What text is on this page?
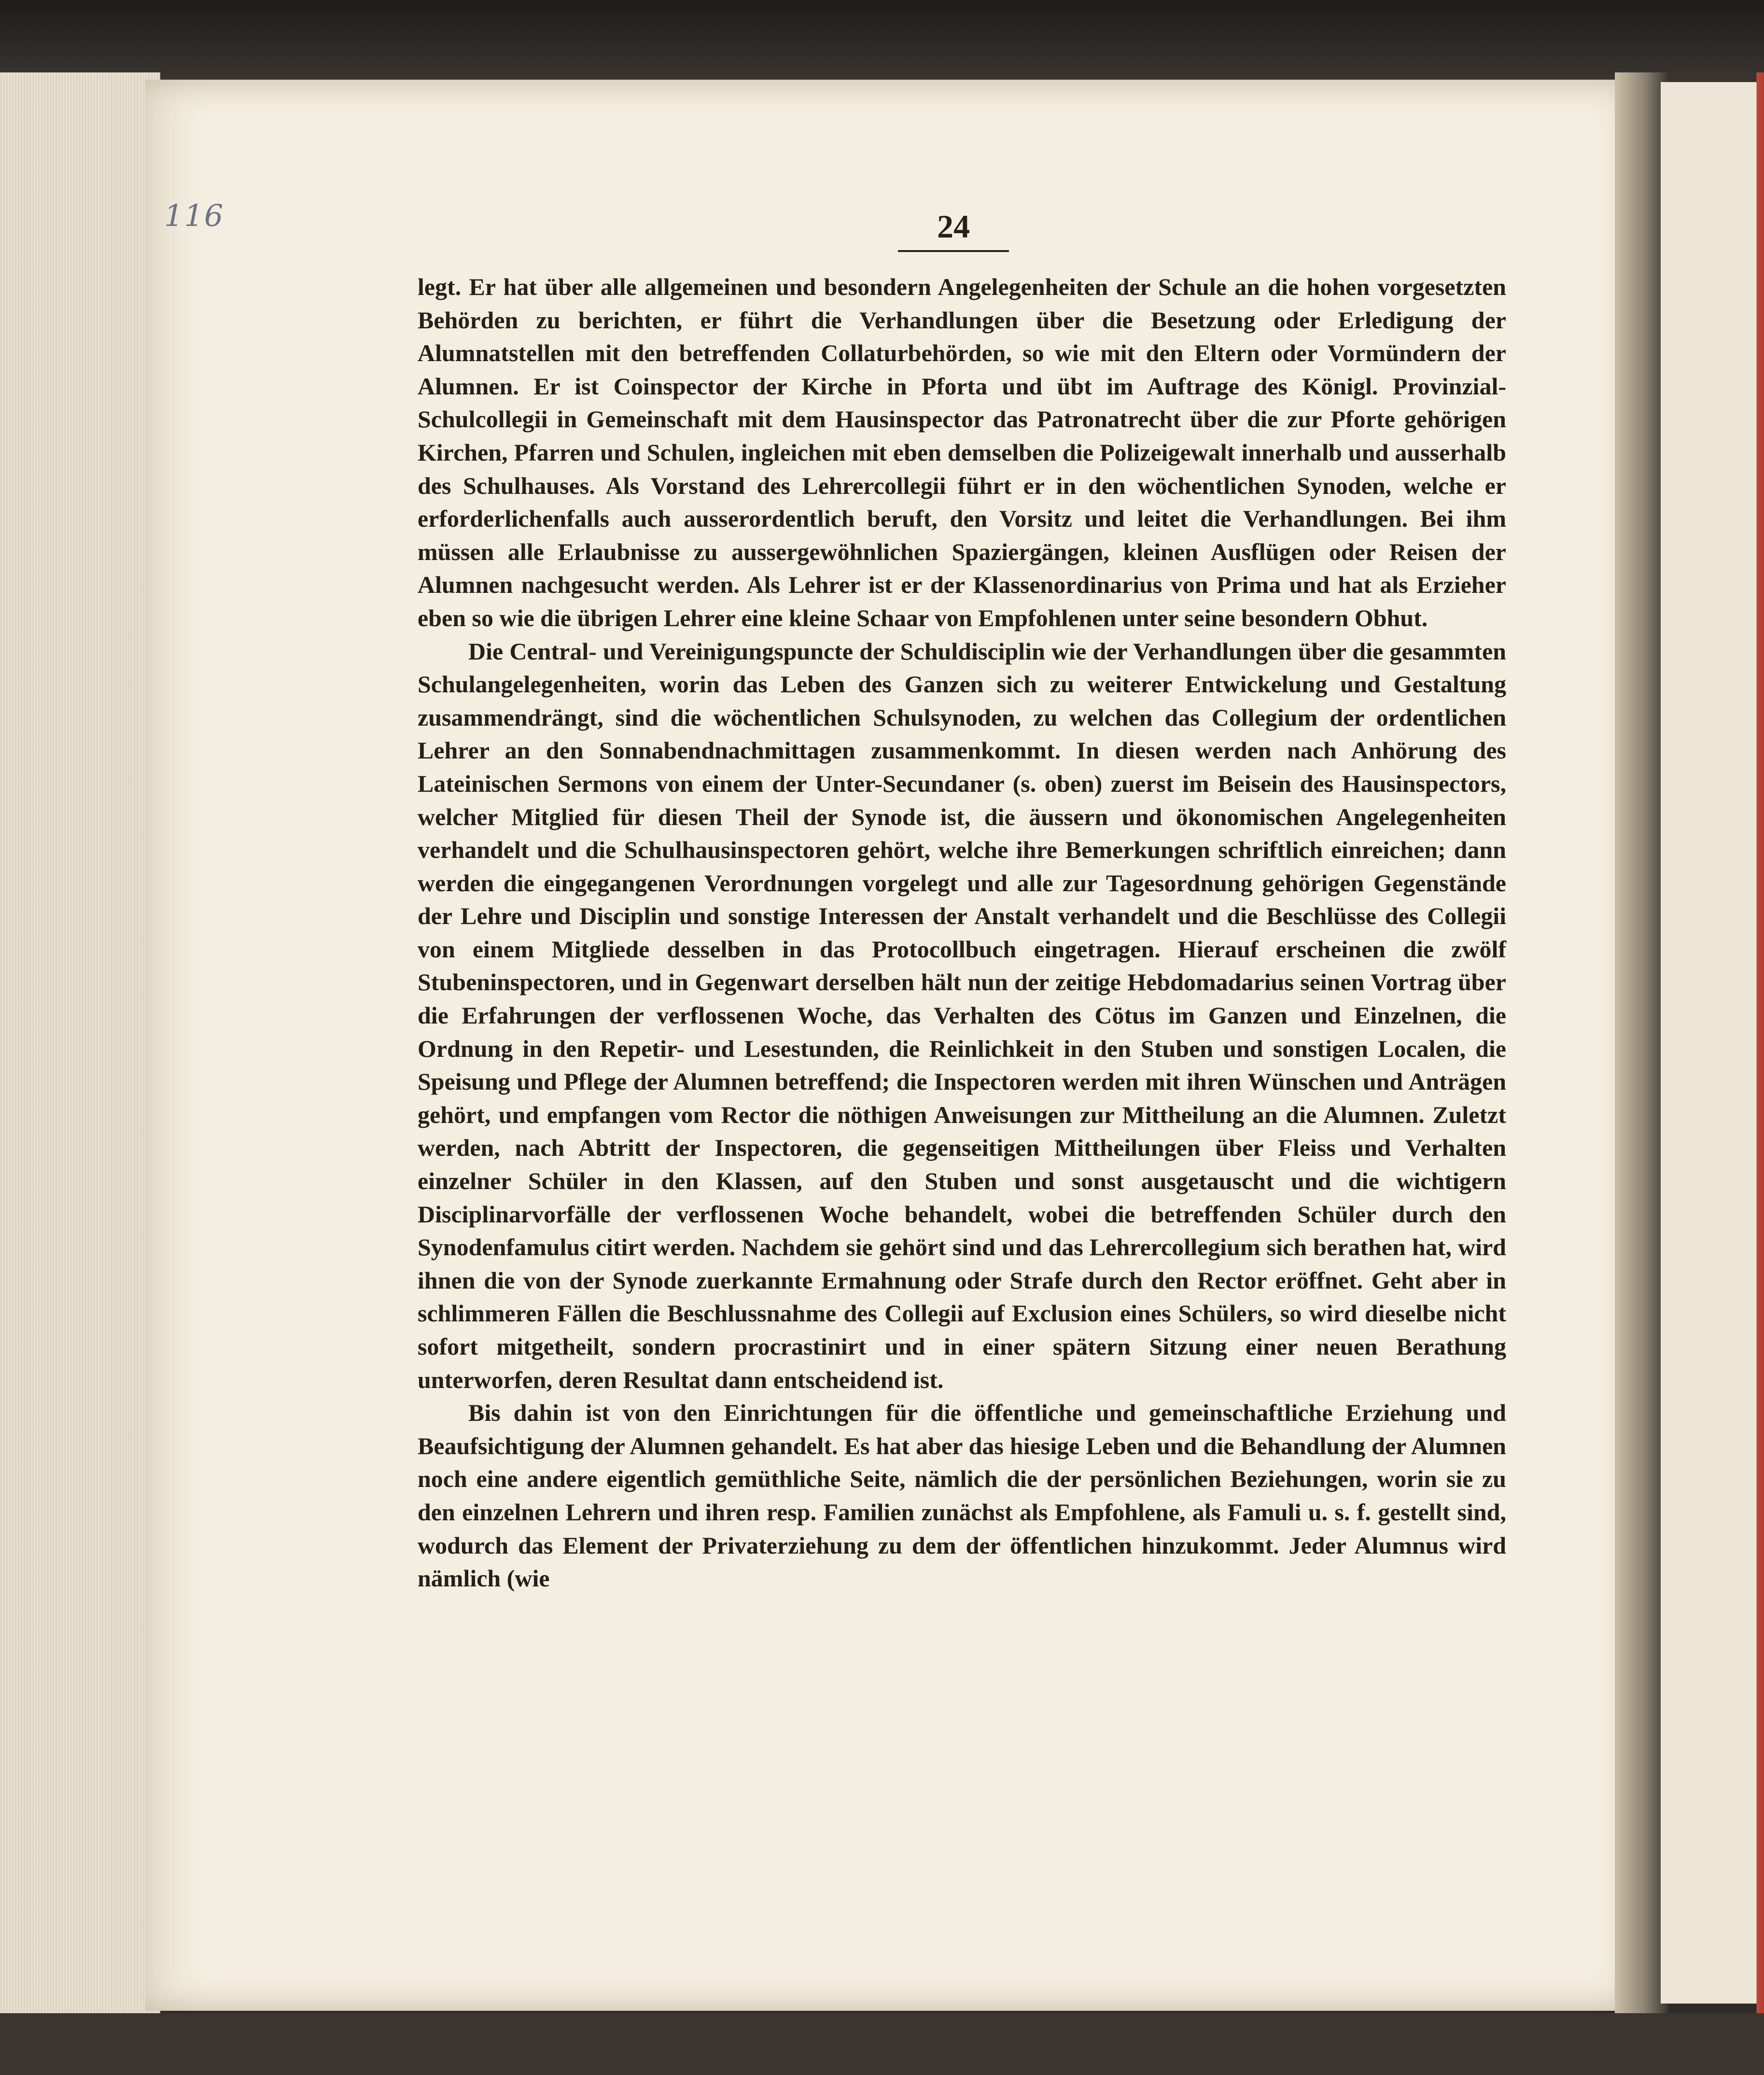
116	24

legt. Er hat über alle allgemeinen und besondern Angelegenheiten der Schule an die hohen vorgesetzten Behörden zu berichten, er führt die Verhandlungen über die Besetzung oder Erledigung der Alumnatstellen mit den betreffenden Collaturbehörden, so wie mit den Eltern oder Vormündern der Alumnen. Er ist Coinspector der Kirche in Pforta und übt im Auftrage des Königl. Provinzial-Schulcollegii in Gemeinschaft mit dem Hausinspector das Patronatrecht über die zur Pforte gehörigen Kirchen, Pfarren und Schulen, ingleichen mit eben demselben die Polizeigewalt innerhalb und ausserhalb des Schulhauses. Als Vorstand des Lehrercollegii führt er in den wöchentlichen Synoden, welche er erforderlichenfalls auch ausserordentlich beruft, den Vorsitz und leitet die Verhandlungen. Bei ihm müssen alle Erlaubnisse zu aussergewöhnlichen Spaziergängen, kleinen Ausflügen oder Reisen der Alumnen nachgesucht werden. Als Lehrer ist er der Klassenordinarius von Prima und hat als Erzieher eben so wie die übrigen Lehrer eine kleine Schaar von Empfohlenen unter seine besondern Obhut.

Die Central- und Vereinigungspuncte der Schuldisciplin wie der Verhandlungen über die gesammten Schulangelegenheiten, worin das Leben des Ganzen sich zu weiterer Entwickelung und Gestaltung zusammendrängt, sind die wöchentlichen Schulsynoden, zu welchen das Collegium der ordentlichen Lehrer an den Sonnabendnachmittagen zusammenkommt. In diesen werden nach Anhörung des Lateinischen Sermons von einem der Unter-Secundaner (s. oben) zuerst im Beisein des Hausinspectors, welcher Mitglied für diesen Theil der Synode ist, die äussern und ökonomischen Angelegenheiten verhandelt und die Schulhausinspectoren gehört, welche ihre Bemerkungen schriftlich einreichen; dann werden die eingegangenen Verordnungen vorgelegt und alle zur Tagesordnung gehörigen Gegenstände der Lehre und Disciplin und sonstige Interessen der Anstalt verhandelt und die Beschlüsse des Collegii von einem Mitgliede desselben in das Protocollbuch eingetragen. Hierauf erscheinen die zwölf Stubeninspectoren, und in Gegenwart derselben hält nun der zeitige Hebdomadarius seinen Vortrag über die Erfahrungen der verflossenen Woche, das Verhalten des Cötus im Ganzen und Einzelnen, die Ordnung in den Repetir- und Lesestunden, die Reinlichkeit in den Stuben und sonstigen Localen, die Speisung und Pflege der Alumnen betreffend; die Inspectoren werden mit ihren Wünschen und Anträgen gehört, und empfangen vom Rector die nöthigen Anweisungen zur Mittheilung an die Alumnen. Zuletzt werden, nach Abtritt der Inspectoren, die gegenseitigen Mittheilungen über Fleiss und Verhalten einzelner Schüler in den Klassen, auf den Stuben und sonst ausgetauscht und die wichtigern Disciplinarvorfälle der verflossenen Woche behandelt, wobei die betreffenden Schüler durch den Synodenfamulus citirt werden. Nachdem sie gehört sind und das Lehrercollegium sich berathen hat, wird ihnen die von der Synode zuerkannte Ermahnung oder Strafe durch den Rector eröffnet. Geht aber in schlimmeren Fällen die Beschlussnahme des Collegii auf Exclusion eines Schülers, so wird dieselbe nicht sofort mitgetheilt, sondern procrastinirt und in einer spätern Sitzung einer neuen Berathung unterworfen, deren Resultat dann entscheidend ist.

Bis dahin ist von den Einrichtungen für die öffentliche und gemeinschaftliche Erziehung und Beaufsichtigung der Alumnen gehandelt. Es hat aber das hiesige Leben und die Behandlung der Alumnen noch eine andere eigentlich gemüthliche Seite, nämlich die der persönlichen Beziehungen, worin sie zu den einzelnen Lehrern und ihren resp. Familien zunächst als Empfohlene, als Famuli u. s. f. gestellt sind, wodurch das Element der Privaterziehung zu dem der öffentlichen hinzukommt. Jeder Alumnus wird nämlich (wie
